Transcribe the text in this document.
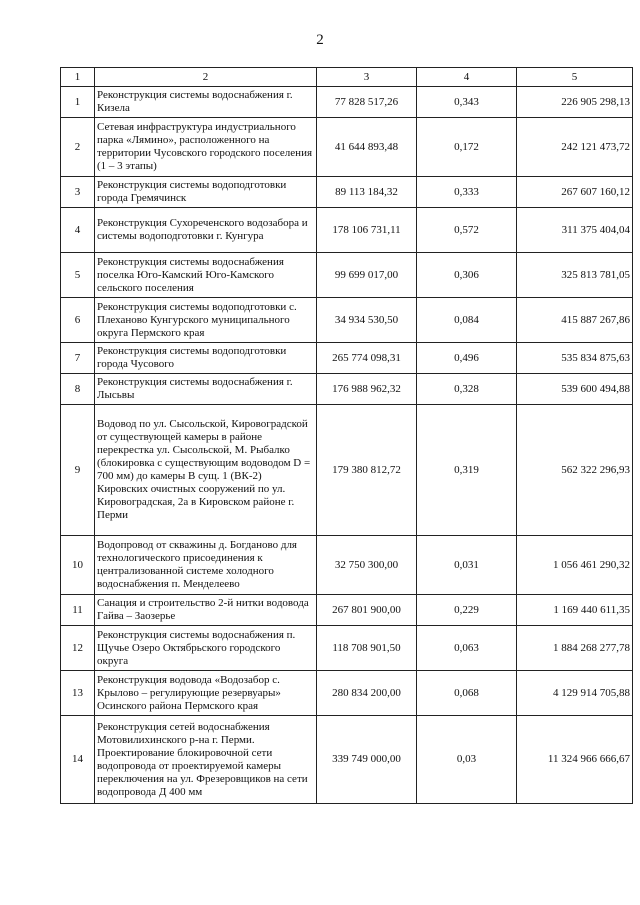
2
1	2	3	4	5
1	Реконструкция системы водоснабжения г. Кизела	77 828 517,26	0,343	226 905 298,13
2	Сетевая инфраструктура индустриального парка «Лямино», расположенного на территории Чусовского городского поселения (1 – 3 этапы)	41 644 893,48	0,172	242 121 473,72
3	Реконструкция системы водоподготовки города Гремячинск	89 113 184,32	0,333	267 607 160,12
4	Реконструкция Сухореченского водозабора и системы водоподготовки г. Кунгура	178 106 731,11	0,572	311 375 404,04
5	Реконструкция системы водоснабжения поселка Юго-Камский Юго-Камского сельского поселения	99 699 017,00	0,306	325 813 781,05
6	Реконструкция системы водоподготовки с. Плеханово Кунгурского муниципального округа Пермского края	34 934 530,50	0,084	415 887 267,86
7	Реконструкция системы водоподготовки города Чусового	265 774 098,31	0,496	535 834 875,63
8	Реконструкция системы водоснабжения г. Лысьвы	176 988 962,32	0,328	539 600 494,88
9	Водовод по ул. Сысольской, Кировоградской от существующей камеры в районе перекрестка ул. Сысольской, М. Рыбалко (блокировка с существующим водоводом D = 700 мм) до камеры В сущ. 1 (ВК-2) Кировских очистных сооружений по ул. Кировоградская, 2а в Кировском районе г. Перми	179 380 812,72	0,319	562 322 296,93
10	Водопровод от скважины д. Богданово для технологического присоединения к централизованной системе холодного водоснабжения п. Менделеево	32 750 300,00	0,031	1 056 461 290,32
11	Санация и строительство 2-й нитки водовода Гайва – Заозерье	267 801 900,00	0,229	1 169 440 611,35
12	Реконструкция системы водоснабжения п. Щучье Озеро Октябрьского городского округа	118 708 901,50	0,063	1 884 268 277,78
13	Реконструкция водовода «Водозабор с. Крылово – регулирующие резервуары» Осинского района Пермского края	280 834 200,00	0,068	4 129 914 705,88
14	Реконструкция сетей водоснабжения Мотовилихинского р-на г. Перми. Проектирование блокировочной сети водопровода от проектируемой камеры переключения на ул. Фрезеровщиков на сети водопровода Д 400 мм	339 749 000,00	0,03	11 324 966 666,67
